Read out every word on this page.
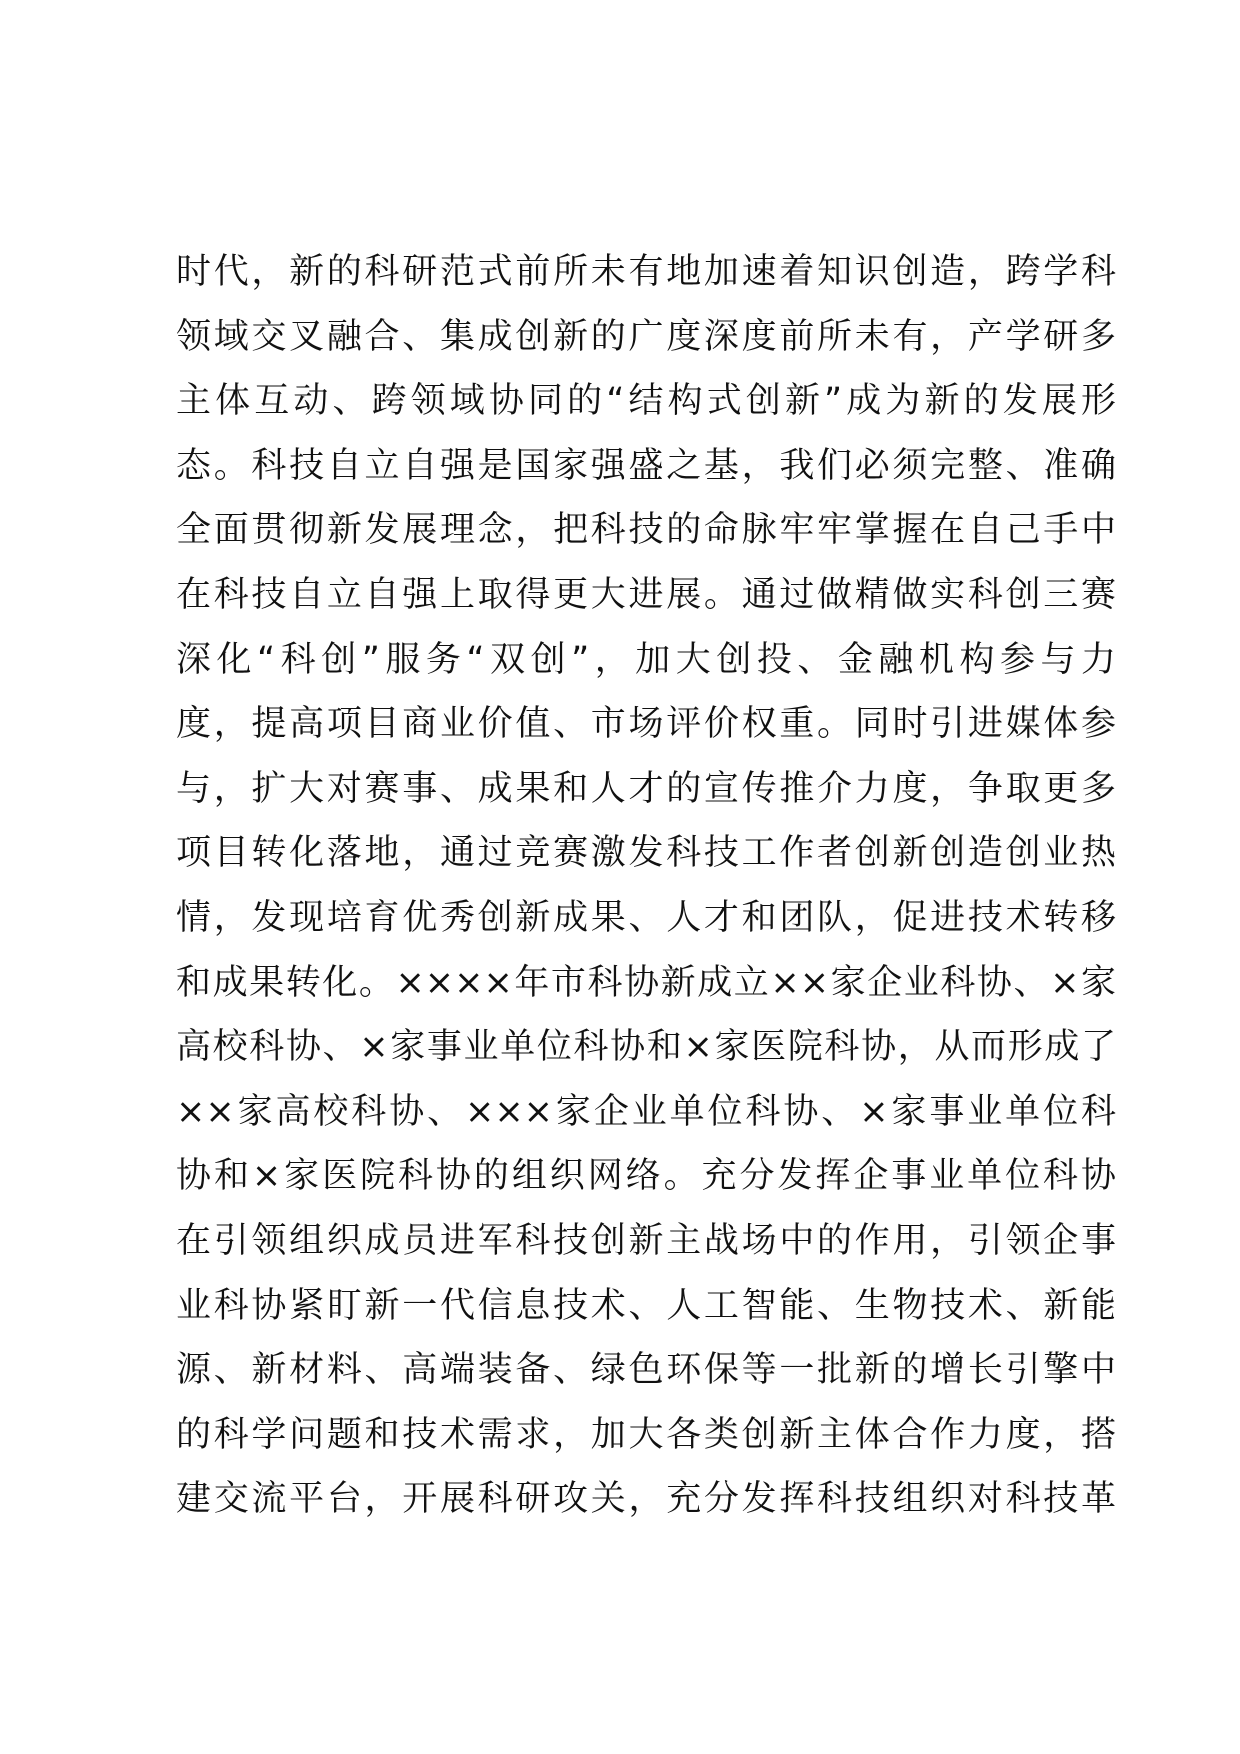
时代，新的科研范式前所未有地加速着知识创造，跨学科
领域交叉融合、集成创新的广度深度前所未有，产学研多
主体互动、跨领域协同的“结构式创新”成为新的发展形
态。科技自立自强是国家强盛之基，我们必须完整、准确
全面贯彻新发展理念，把科技的命脉牢牢掌握在自己手中
在科技自立自强上取得更大进展。通过做精做实科创三赛
深化“科创”服务“双创”，加大创投、金融机构参与力
度，提高项目商业价值、市场评价权重。同时引进媒体参
与，扩大对赛事、成果和人才的宣传推介力度，争取更多
项目转化落地，通过竞赛激发科技工作者创新创造创业热
情，发现培育优秀创新成果、人才和团队，促进技术转移
和成果转化。××××年市科协新成立××家企业科协、×家
高校科协、×家事业单位科协和×家医院科协，从而形成了
××家高校科协、×××家企业单位科协、×家事业单位科
协和×家医院科协的组织网络。充分发挥企事业单位科协
在引领组织成员进军科技创新主战场中的作用，引领企事
业科协紧盯新一代信息技术、人工智能、生物技术、新能
源、新材料、高端装备、绿色环保等一批新的增长引擎中
的科学问题和技术需求，加大各类创新主体合作力度，搭
建交流平台，开展科研攻关，充分发挥科技组织对科技革
